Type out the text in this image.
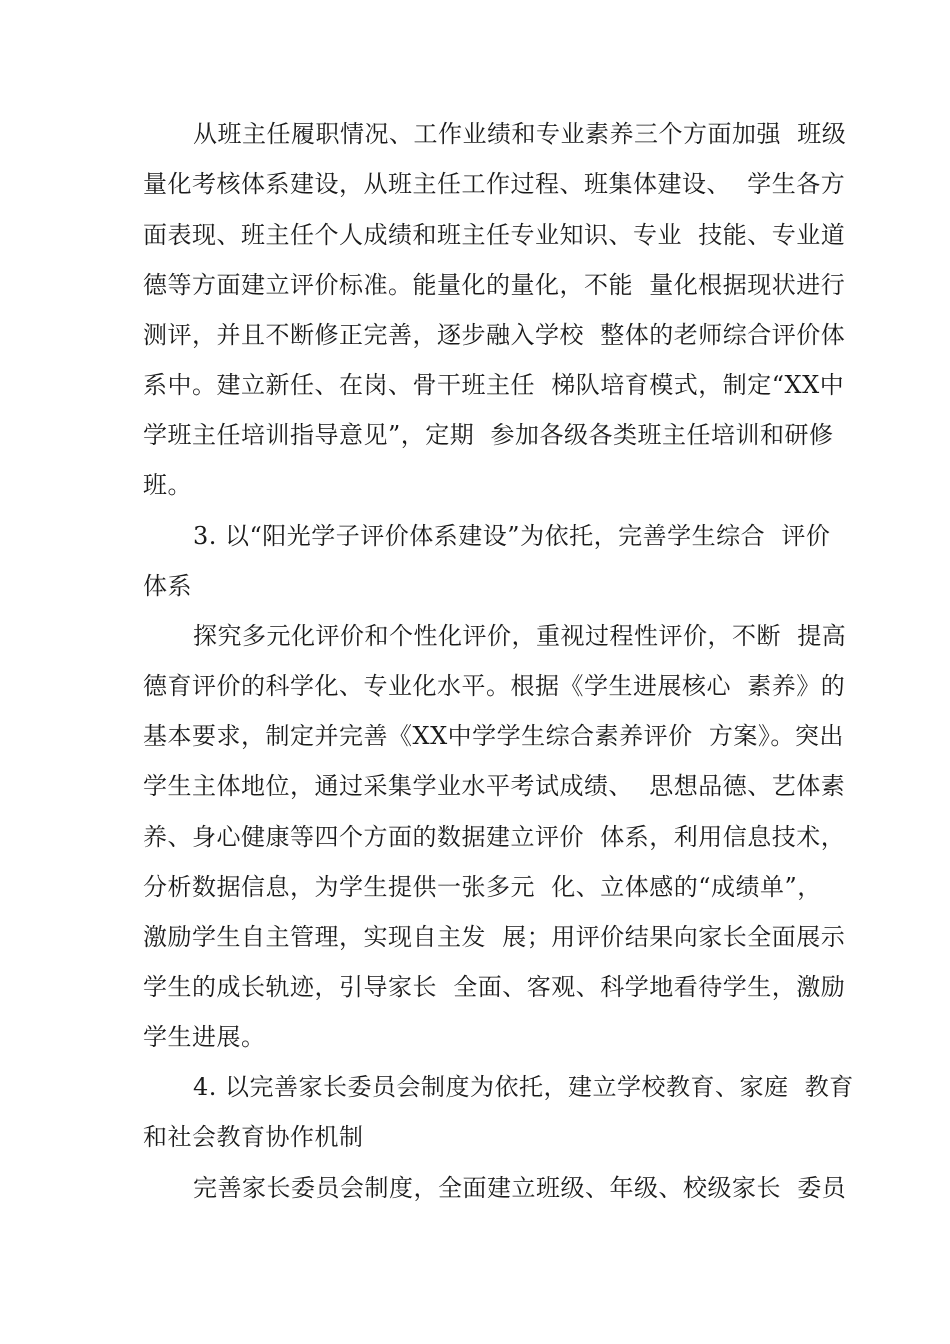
从班主任履职情况、工作业绩和专业素养三个方面加强  班级
量化考核体系建设，从班主任工作过程、班集体建设、  学生各方
面表现、班主任个人成绩和班主任专业知识、专业  技能、专业道
德等方面建立评价标准。能量化的量化，不能  量化根据现状进行
测评，并且不断修正完善，逐步融入学校  整体的老师综合评价体
系中。建立新任、在岗、骨干班主任  梯队培育模式，制定“XX中
学班主任培训指导意见”，定期  参加各级各类班主任培训和研修
班。
3. 以“阳光学子评价体系建设”为依托，完善学生综合  评价
体系
探究多元化评价和个性化评价，重视过程性评价，不断  提高
德育评价的科学化、专业化水平。根据《学生进展核心  素养》的
基本要求，制定并完善《XX中学学生综合素养评价  方案》。突出
学生主体地位，通过采集学业水平考试成绩、  思想品德、艺体素
养、身心健康等四个方面的数据建立评价  体系，利用信息技术，
分析数据信息，为学生提供一张多元  化、立体感的“成绩单”，
激励学生自主管理，实现自主发  展；用评价结果向家长全面展示
学生的成长轨迹，引导家长  全面、客观、科学地看待学生，激励
学生进展。
4. 以完善家长委员会制度为依托，建立学校教育、家庭  教育
和社会教育协作机制
完善家长委员会制度，全面建立班级、年级、校级家长  委员
